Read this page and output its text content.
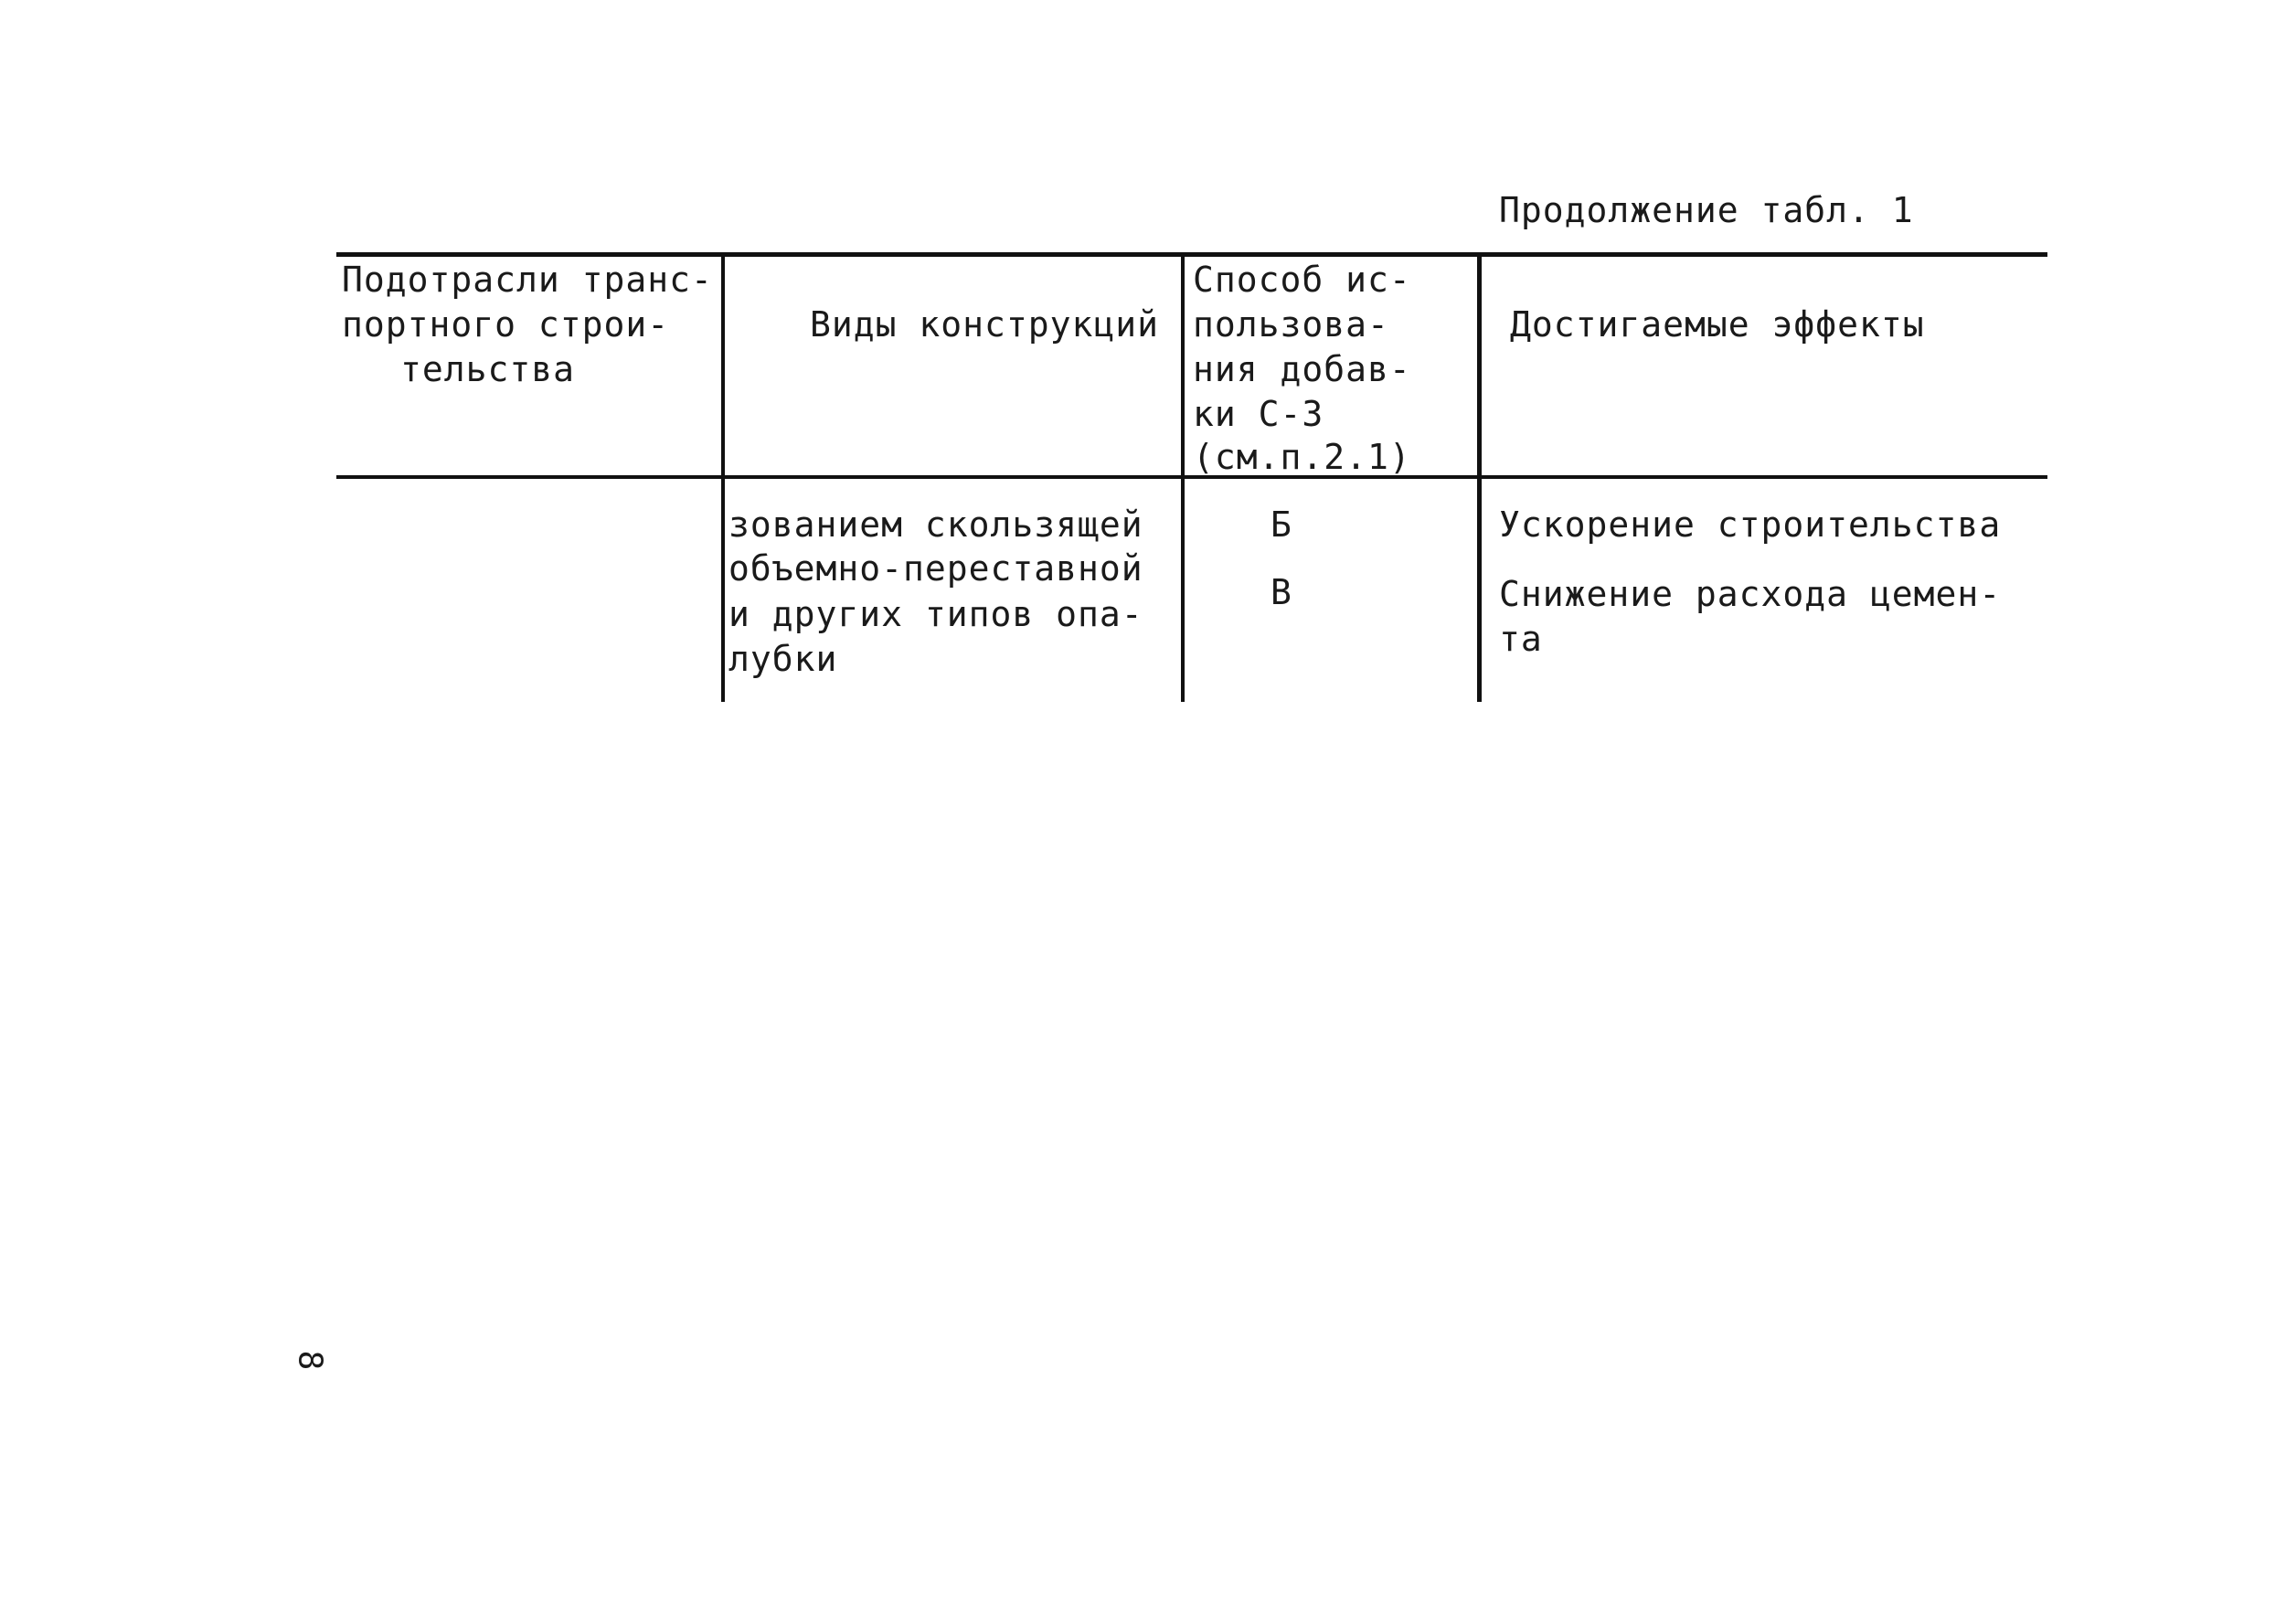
Продолжение табл. 1
Подотрасли транс-
портного строи-
тельства
Виды конструкций
Способ ис-
пользова-
ния добав-
ки С-3
(см.п.2.1)
Достигаемые эффекты
зованием скользящей
объемно-переставной
и других типов опа-
лубки
Б
В
Ускорение строительства
Снижение расхода цемен-
та
8
